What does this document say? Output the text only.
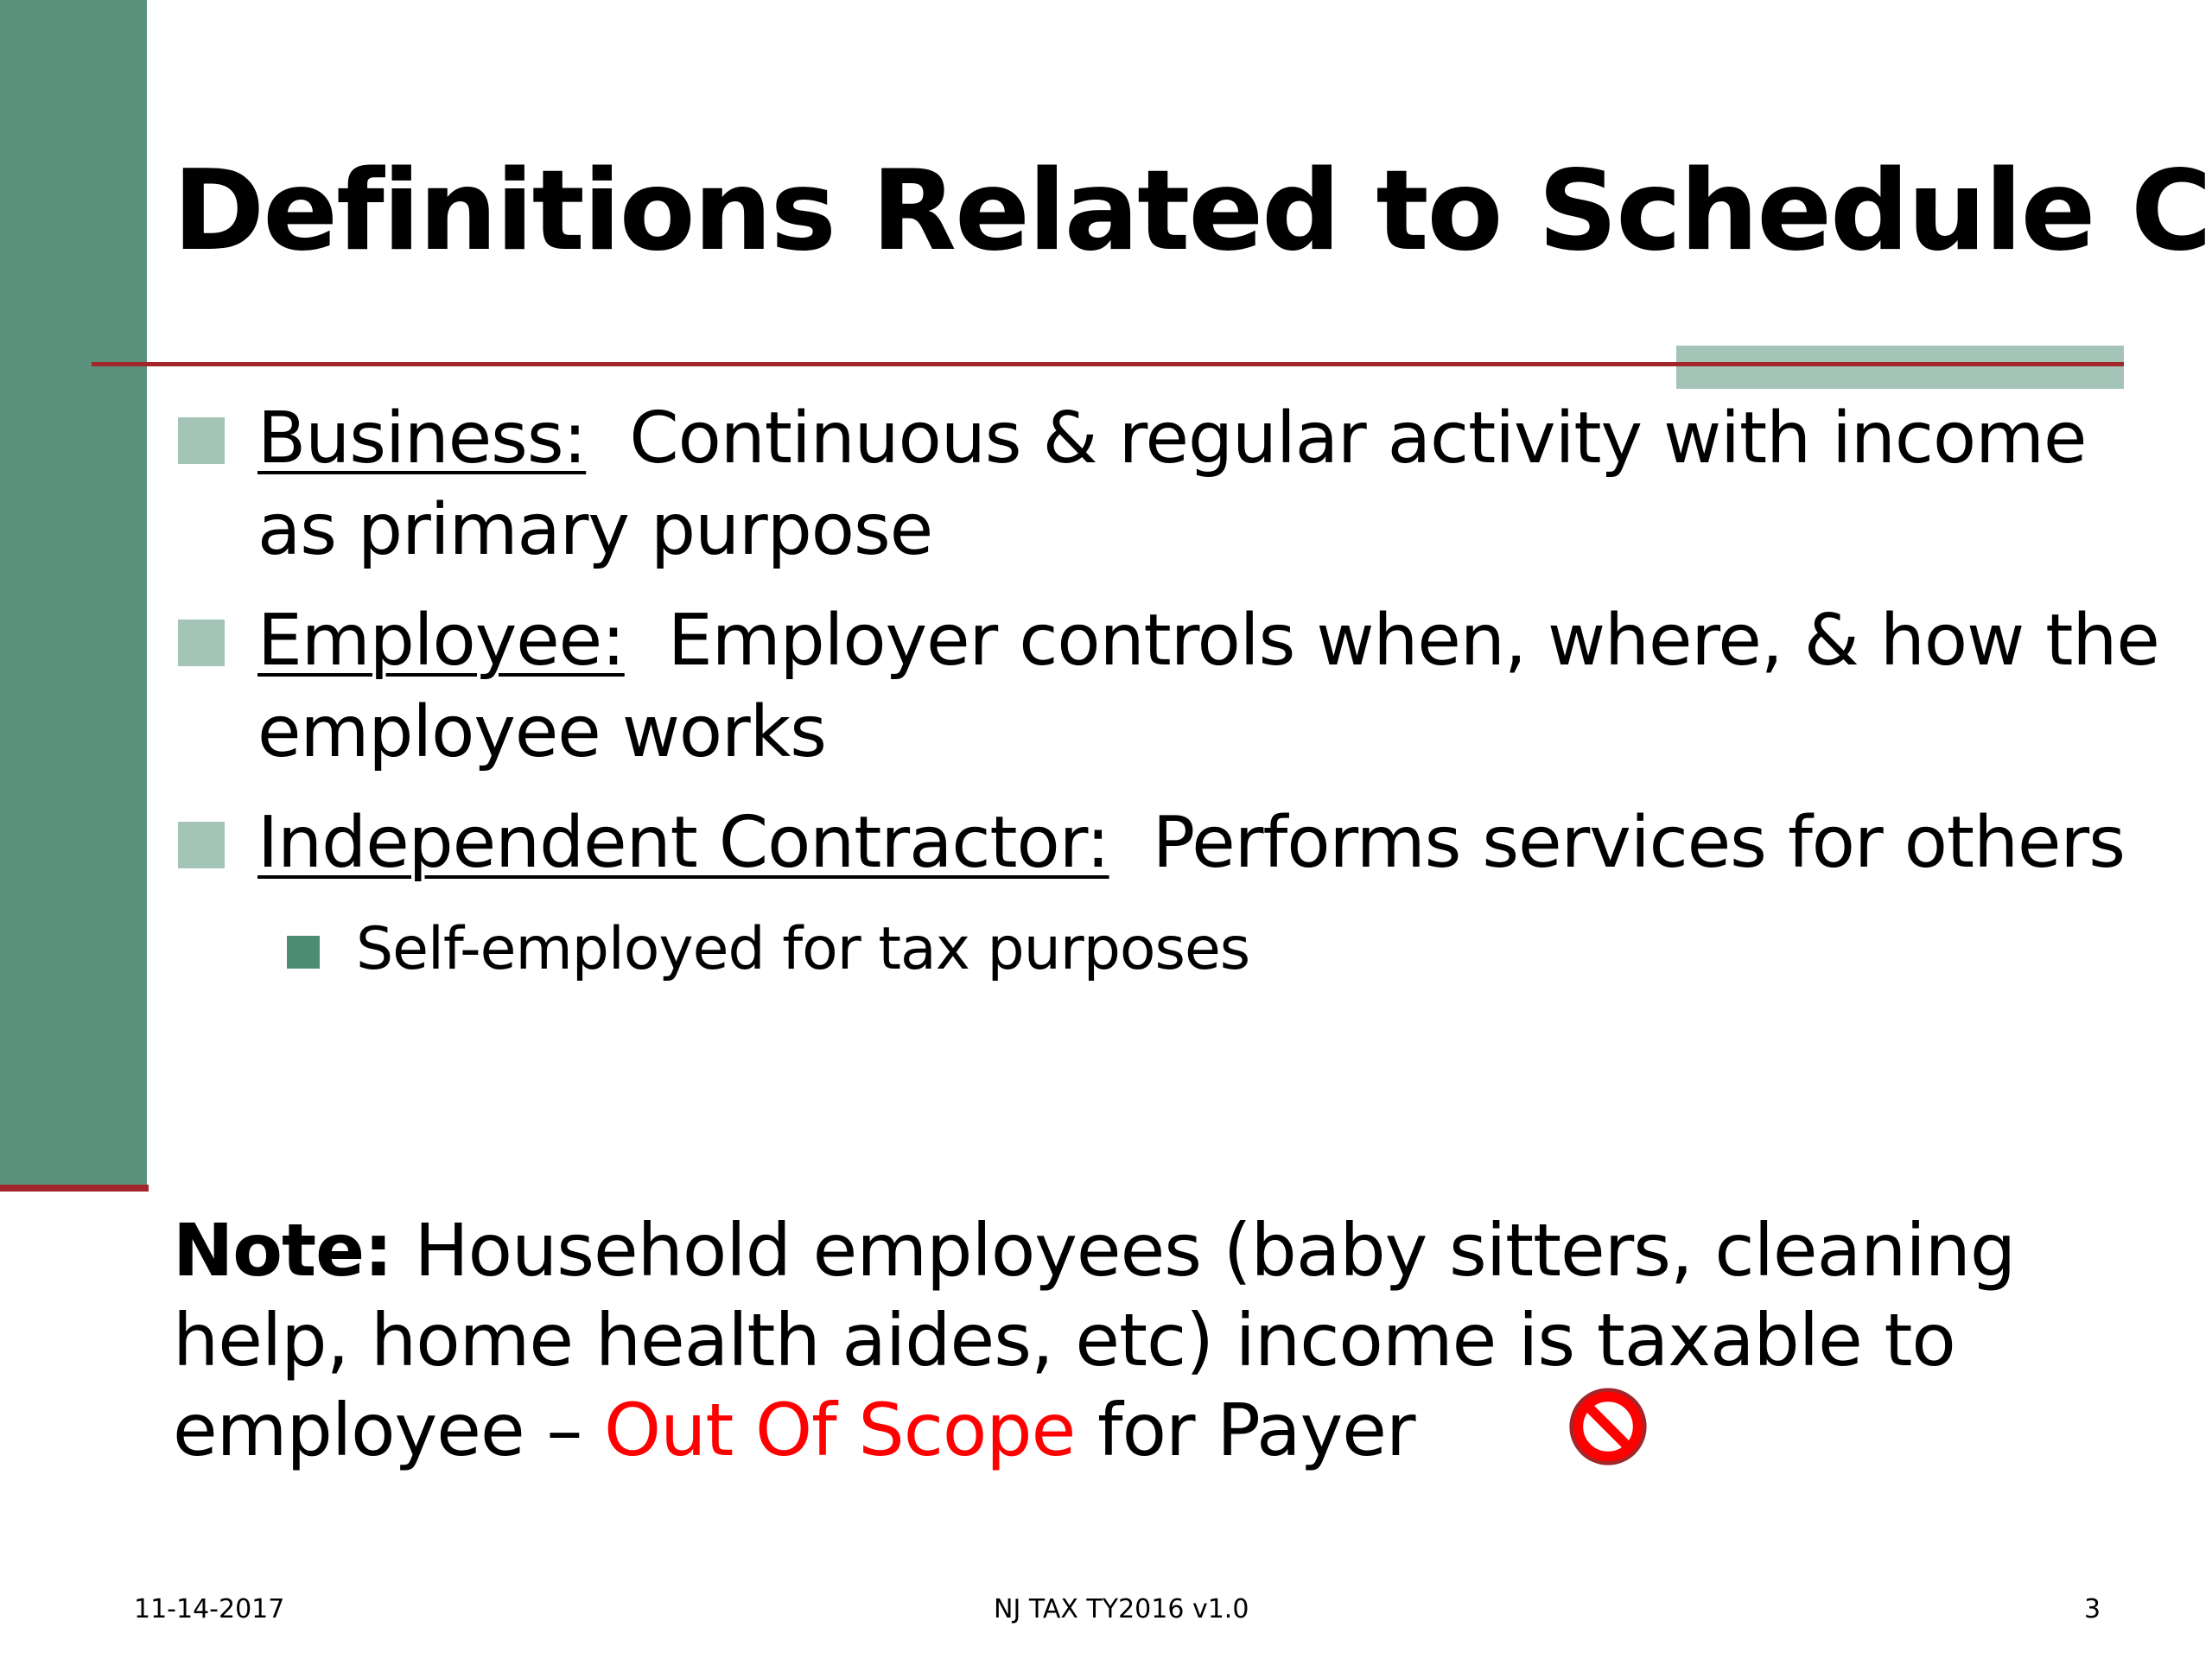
Definitions Related to Schedule C
Business: Continuous & regular activity with income as primary purpose
Employee: Employer controls when, where, & how the employee works
Independent Contractor: Performs services for others
Self-employed for tax purposes
Note: Household employees (baby sitters, cleaning help, home health aides, etc) income is taxable to employee – Out Of Scope for Payer
11-14-2017	NJ TAX TY2016 v1.0	3
